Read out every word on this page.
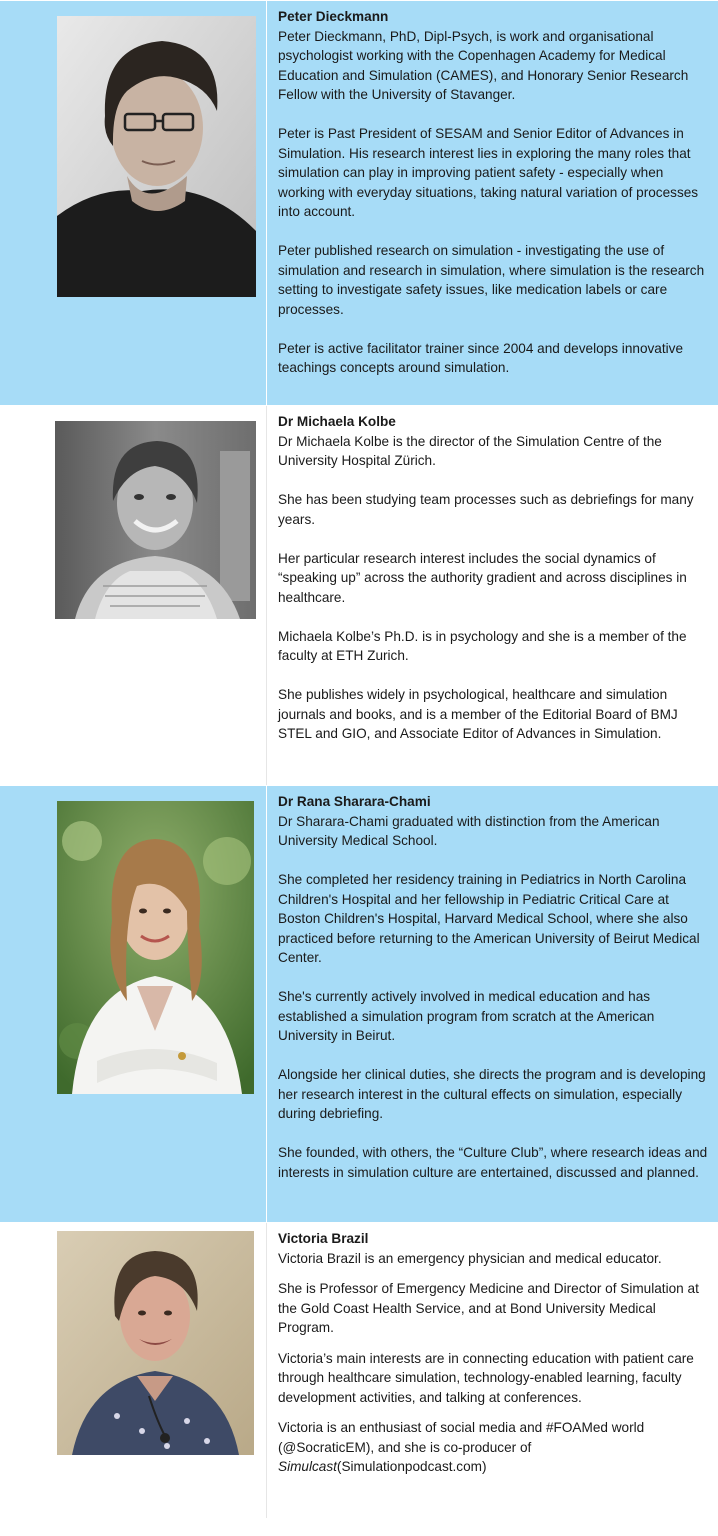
Peter Dieckmann

Peter Dieckmann, PhD, Dipl-Psych, is work and organisational psychologist working with the Copenhagen Academy for Medical Education and Simulation (CAMES), and Honorary Senior Research Fellow with the University of Stavanger.

Peter is Past President of SESAM and Senior Editor of Advances in Simulation. His research interest lies in exploring the many roles that simulation can play in improving patient safety - especially when working with everyday situations, taking natural variation of processes into account.

Peter published research on simulation - investigating the use of simulation and research in simulation, where simulation is the research setting to investigate safety issues, like medication labels or care processes.

Peter is active facilitator trainer since 2004 and develops innovative teachings concepts around simulation.

Dr Michaela Kolbe

Dr Michaela Kolbe is the director of the Simulation Centre of the University Hospital Zürich.

She has been studying team processes such as debriefings for many years.

Her particular research interest includes the social dynamics of “speaking up” across the authority gradient and across disciplines in healthcare.

Michaela Kolbe’s Ph.D. is in psychology and she is a member of the faculty at ETH Zurich.

She publishes widely in psychological, healthcare and simulation journals and books, and is a member of the Editorial Board of BMJ STEL and GIO, and Associate Editor of Advances in Simulation.

Dr Rana Sharara-Chami

Dr Sharara-Chami graduated with distinction from the American University Medical School.

She completed her residency training in Pediatrics in North Carolina Children's Hospital and her fellowship in Pediatric Critical Care at Boston Children's Hospital, Harvard Medical School, where she also practiced before returning to the American University of Beirut Medical Center.

She's currently actively involved in medical education and has established a simulation program from scratch at the American University in Beirut.

Alongside her clinical duties, she directs the program and is developing her research interest in the cultural effects on simulation, especially during debriefing.

She founded, with others, the “Culture Club”, where research ideas and interests in simulation culture are entertained, discussed and planned.

Victoria Brazil

Victoria Brazil is an emergency physician and medical educator.

She is Professor of Emergency Medicine and Director of Simulation at the Gold Coast Health Service, and at Bond University Medical Program.

Victoria’s main interests are in connecting education with patient care through healthcare simulation, technology-enabled learning, faculty development activities, and talking at conferences.

Victoria is an enthusiast of social media and #FOAMed world (@SocraticEM), and she is co-producer of Simulcast(Simulationpodcast.com)
